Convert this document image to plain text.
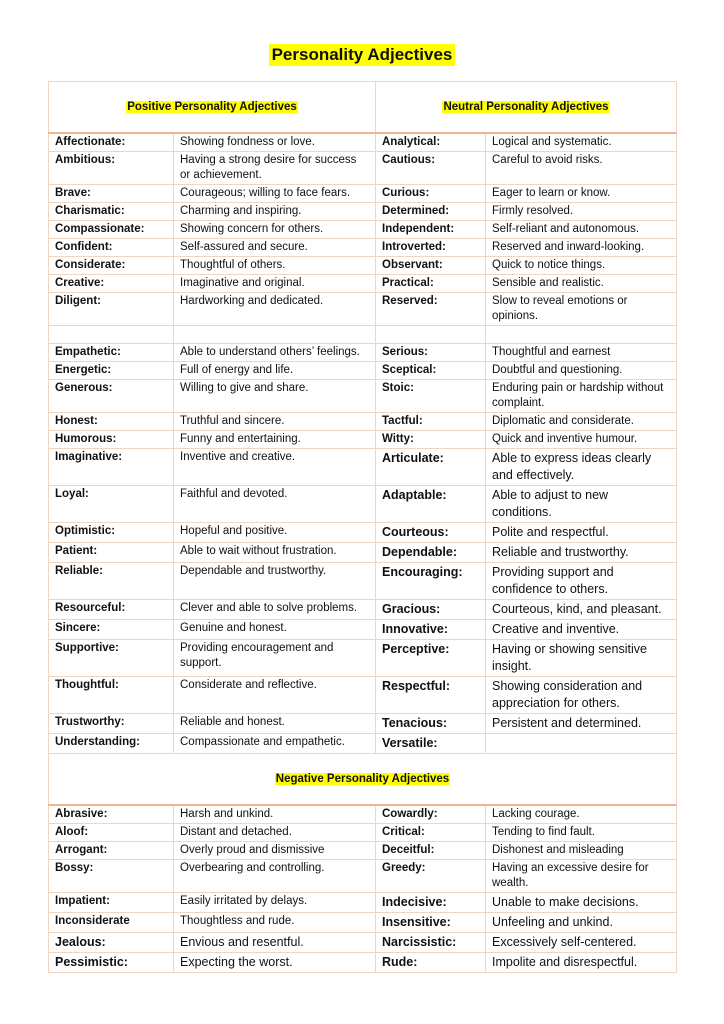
Personality Adjectives
Positive Personality Adjectives		Neutral Personality Adjectives	
Affectionate:	Showing fondness or love.	Analytical:	Logical and systematic.
Ambitious:	Having a strong desire for success or achievement.	Cautious:	Careful to avoid risks.
Brave:	Courageous; willing to face fears.	Curious:	Eager to learn or know.
Charismatic:	Charming and inspiring.	Determined:	Firmly resolved.
Compassionate:	Showing concern for others.	Independent:	Self-reliant and autonomous.
Confident:	Self-assured and secure.	Introverted:	Reserved and inward-looking.
Considerate:	Thoughtful of others.	Observant:	Quick to notice things.
Creative:	Imaginative and original.	Practical:	Sensible and realistic.
Diligent:	Hardworking and dedicated.	Reserved:	Slow to reveal emotions or opinions.

Empathetic:	Able to understand others’ feelings.	Serious:	Thoughtful and earnest
Energetic:	Full of energy and life.	Sceptical:	Doubtful and questioning.
Generous:	Willing to give and share.	Stoic:	Enduring pain or hardship without complaint.
Honest:	Truthful and sincere.	Tactful:	Diplomatic and considerate.
Humorous:	Funny and entertaining.	Witty:	Quick and inventive humour.
Imaginative:	Inventive and creative.	Articulate:	Able to express ideas clearly and effectively.
Loyal:	Faithful and devoted.	Adaptable:	Able to adjust to new conditions.
Optimistic:	Hopeful and positive.	Courteous:	Polite and respectful.
Patient:	Able to wait without frustration.	Dependable:	Reliable and trustworthy.
Reliable:	Dependable and trustworthy.	Encouraging:	Providing support and confidence to others.
Resourceful:	Clever and able to solve problems.	Gracious:	Courteous, kind, and pleasant.
Sincere:	Genuine and honest.	Innovative:	Creative and inventive.
Supportive:	Providing encouragement and support.	Perceptive:	Having or showing sensitive insight.
Thoughtful:	Considerate and reflective.	Respectful:	Showing consideration and appreciation for others.
Trustworthy:	Reliable and honest.	Tenacious:	Persistent and determined.
Understanding:	Compassionate and empathetic.	Versatile:	
Negative Personality Adjectives			
Abrasive:	Harsh and unkind.	Cowardly:	Lacking courage.
Aloof:	Distant and detached.	Critical:	Tending to find fault.
Arrogant:	Overly proud and dismissive	Deceitful:	Dishonest and misleading
Bossy:	Overbearing and controlling.	Greedy:	Having an excessive desire for wealth.
Impatient:	Easily irritated by delays.	Indecisive:	Unable to make decisions.
Inconsiderate	Thoughtless and rude.	Insensitive:	Unfeeling and unkind.
Jealous:	Envious and resentful.	Narcissistic:	Excessively self-centered.
Pessimistic:	Expecting the worst.	Rude:	Impolite and disrespectful.
